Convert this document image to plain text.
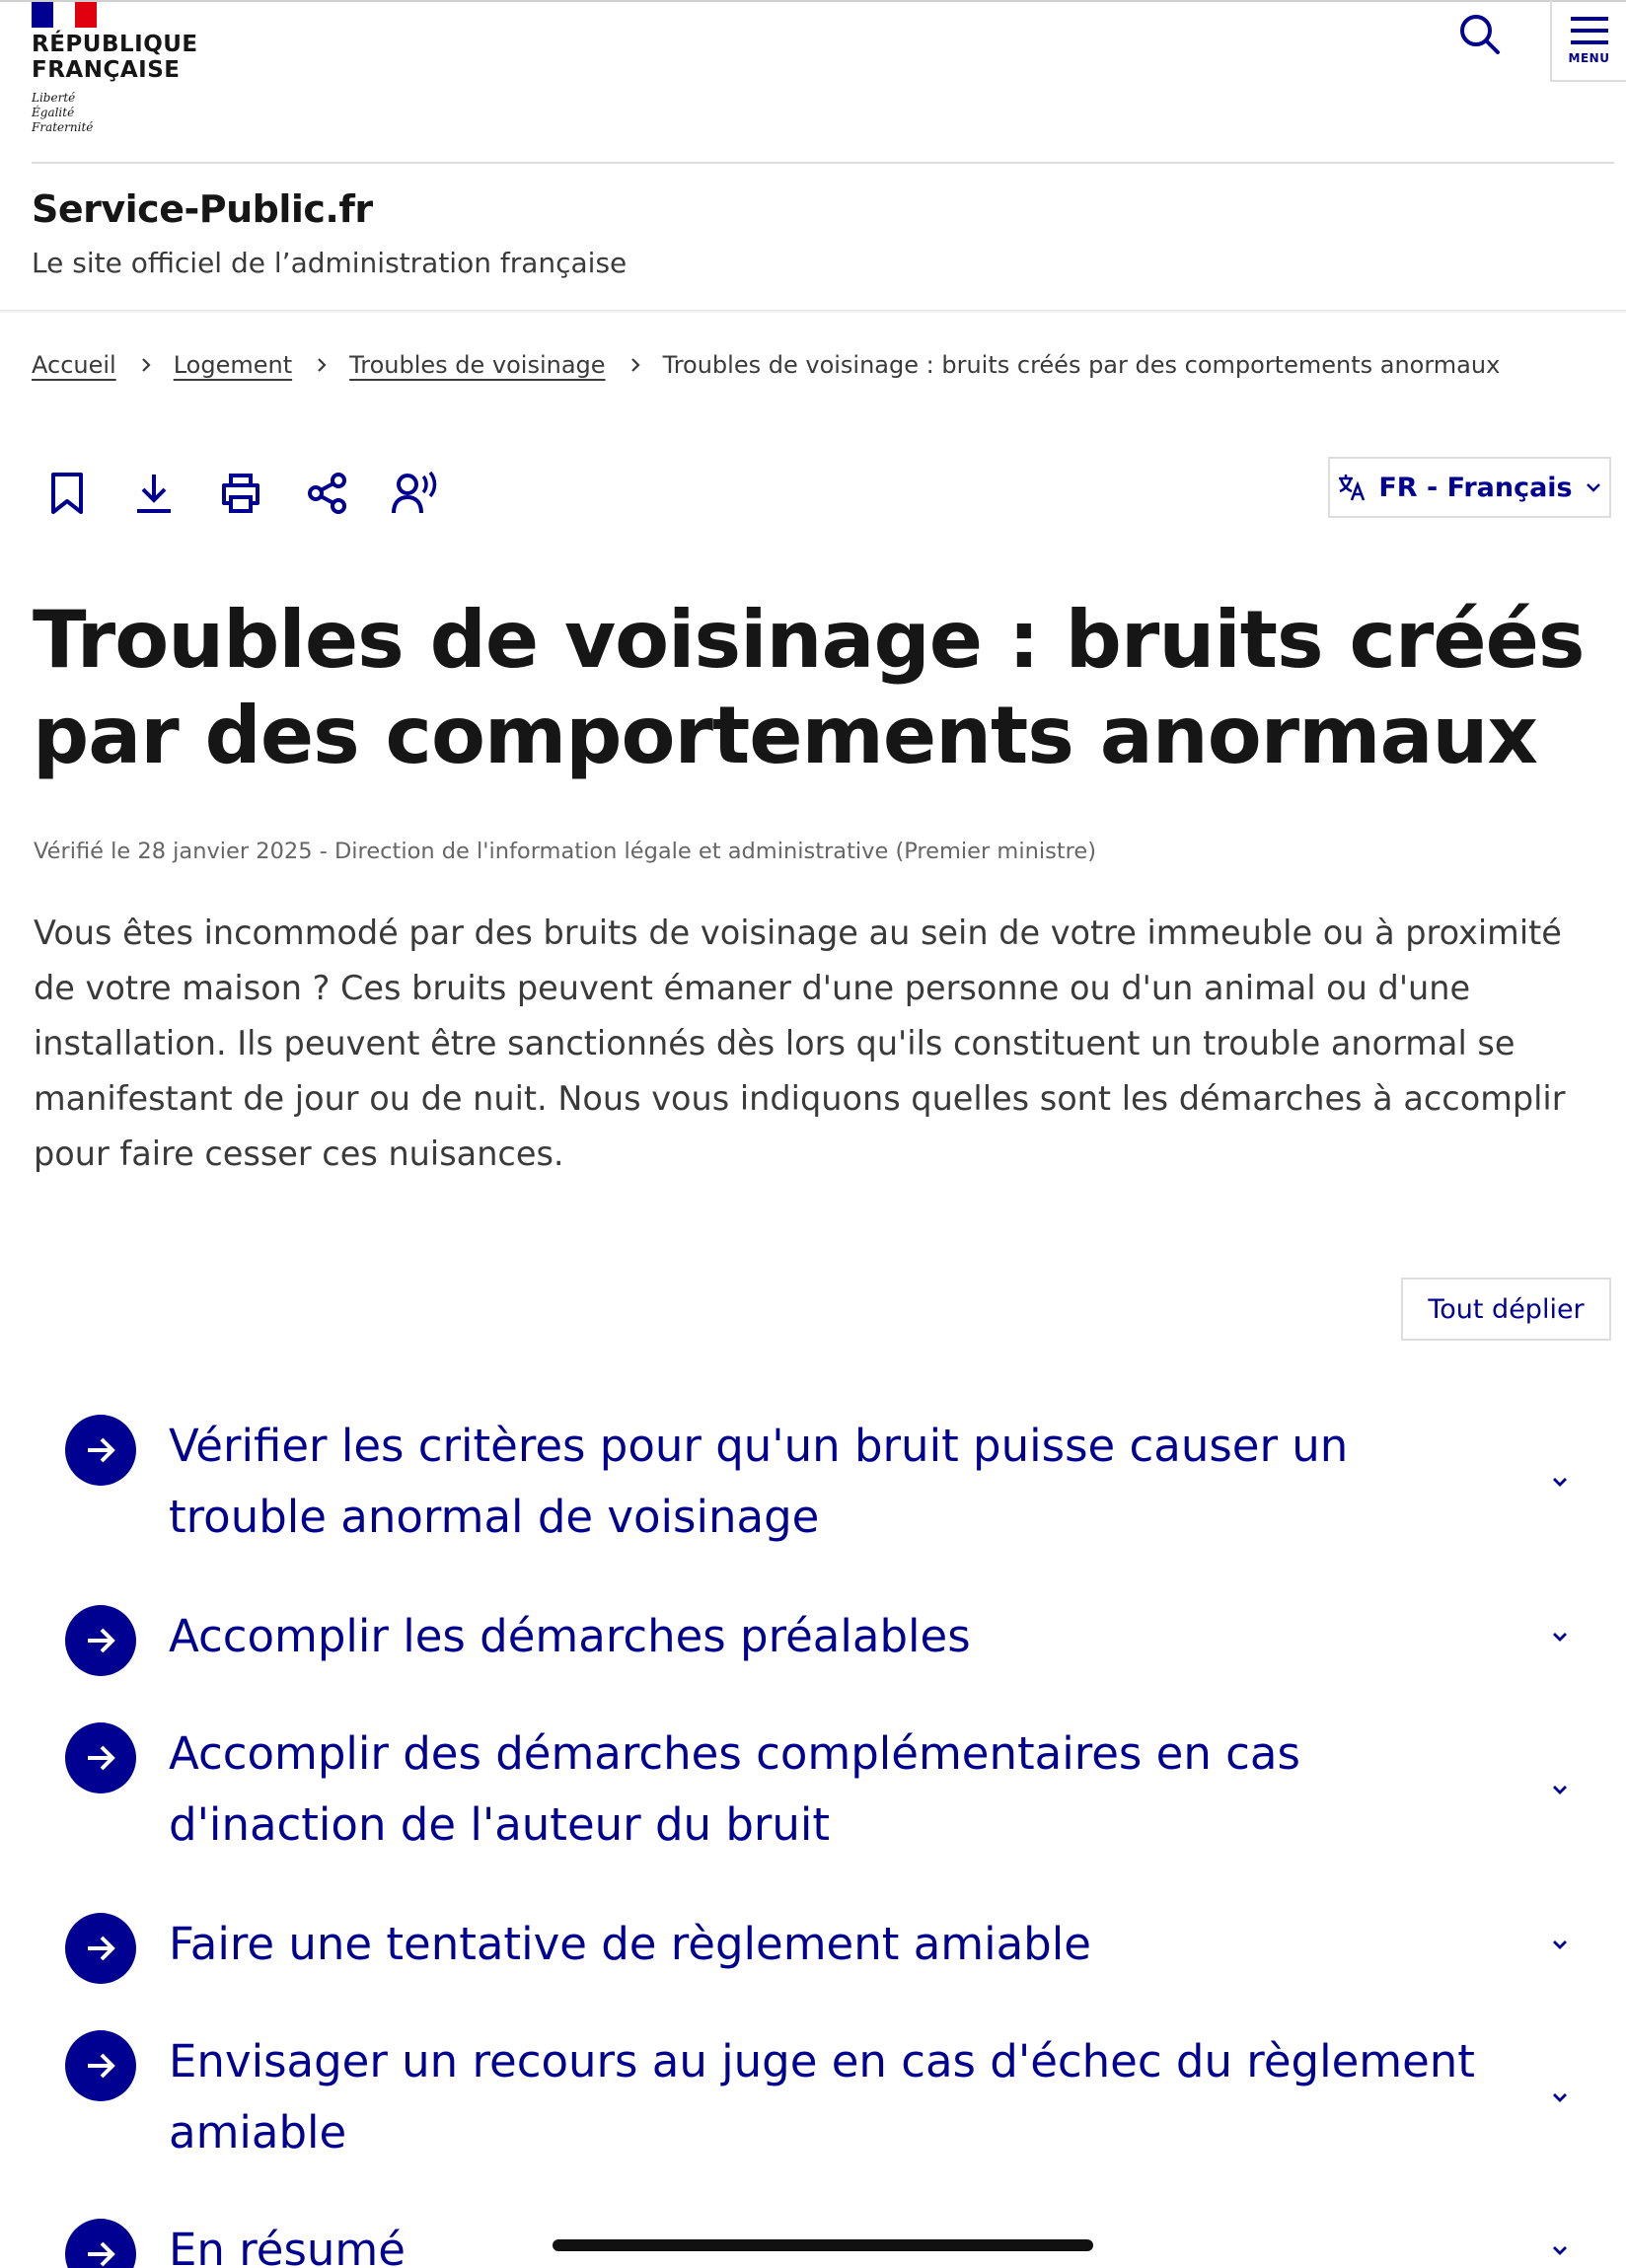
RÉPUBLIQUE
FRANÇAISE
Liberté
Égalité
Fraternité
MENU
Service-Public.fr
Le site officiel de l’administration française
Accueil Logement Troubles de voisinage Troubles de voisinage : bruits créés par des comportements anormaux
FR - Français
Troubles de voisinage : bruits créés par des comportements anormaux
Vérifié le 28 janvier 2025 - Direction de l'information légale et administrative (Premier ministre)

Vous êtes incommodé par des bruits de voisinage au sein de votre immeuble ou à proximité de votre maison ? Ces bruits peuvent émaner d'une personne ou d'un animal ou d'une installation. Ils peuvent être sanctionnés dès lors qu'ils constituent un trouble anormal se manifestant de jour ou de nuit. Nous vous indiquons quelles sont les démarches à accomplir pour faire cesser ces nuisances.

Tout déplier

Vérifier les critères pour qu'un bruit puisse causer un trouble anormal de voisinage

Accomplir les démarches préalables

Accomplir des démarches complémentaires en cas d'inaction de l'auteur du bruit

Faire une tentative de règlement amiable

Envisager un recours au juge en cas d'échec du règlement amiable

En résumé
